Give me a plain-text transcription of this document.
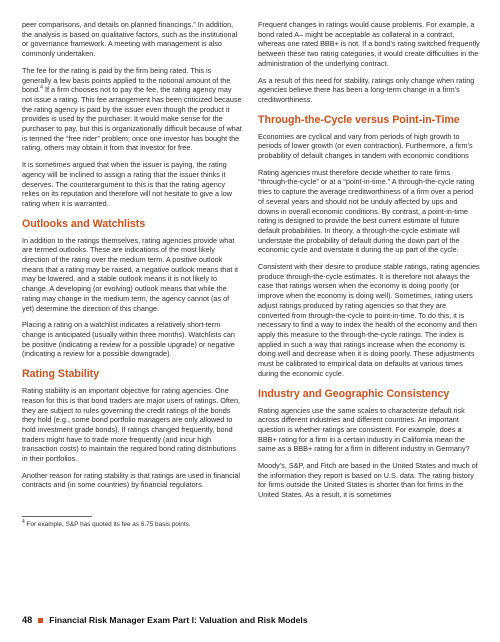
peer comparisons, and details on planned financings.” In addition, the analysis is based on qualitative factors, such as the institutional or governance framework. A meeting with management is also commonly undertaken.

The fee for the rating is paid by the firm being rated. This is generally a few basis points applied to the notional amount of the bond.$^4$ If a firm chooses not to pay the fee, the rating agency may not issue a rating. This fee arrangement has been criticized because the rating agency is paid by the issuer even though the product it provides is used by the purchaser. It would make sense for the purchaser to pay, but this is organizationally difficult because of what is termed the “free rider” problem; once one investor has bought the rating, others may obtain it from that investor for free.

It is sometimes argued that when the issuer is paying, the rating agency will be inclined to assign a rating that the issuer thinks it deserves. The counterargument to this is that the rating agency relies on its reputation and therefore will not hesitate to give a low rating when it is warranted.

Outlooks and Watchlists

In addition to the ratings themselves, rating agencies provide what are termed outlooks. These are indications of the most likely direction of the rating over the medium term. A positive outlook means that a rating may be raised, a negative outlook means that it may be lowered, and a stable outlook means it is not likely to change. A developing (or evolving) outlook means that while the rating may change in the medium term, the agency cannot (as of yet) determine the direction of this change.

Placing a rating on a watchlist indicates a relatively short-term change is anticipated (usually within three months). Watchlists can be positive (indicating a review for a possible upgrade) or negative (indicating a review for a possible downgrade).

Rating Stability

Rating stability is an important objective for rating agencies. One reason for this is that bond traders are major users of ratings. Often, they are subject to rules governing the credit ratings of the bonds they hold (e.g., some bond portfolio managers are only allowed to hold investment grade bonds). If ratings changed frequently, bond traders might have to trade more frequently (and incur high transaction costs) to maintain the required bond rating distributions in their portfolios.

Another reason for rating stability is that ratings are used in financial contracts and (in some countries) by financial regulators.

$^4$ For example, S&P has quoted its fee as 6.75 basis points.

Frequent changes in ratings would cause problems. For example, a bond rated A– might be acceptable as collateral in a contract, whereas one rated BBB+ is not. If a bond’s rating switched frequently between these two rating categories, it would create difficulties in the administration of the underlying contract.

As a result of this need for stability, ratings only change when rating agencies believe there has been a long-term change in a firm’s creditworthiness.

Through-the-Cycle versus Point-in-Time

Economies are cyclical and vary from periods of high growth to periods of lower growth (or even contraction). Furthermore, a firm’s probability of default changes in tandem with economic conditions

Rating agencies must therefore decide whether to rate firms “through-the-cycle” or at a “point-in-time.” A through-the-cycle rating tries to capture the average creditworthiness of a firm over a period of several years and should not be unduly affected by ups and downs in overall economic conditions. By contrast, a point-in-time rating is designed to provide the best current estimate of future default probabilities. In theory, a through-the-cycle estimate will understate the probability of default during the down part of the economic cycle and overstate it during the up part of the cycle.

Consistent with their desire to produce stable ratings, rating agencies produce through-the-cycle estimates. It is therefore not always the case that ratings worsen when the economy is doing poorly (or improve when the economy is doing well). Sometimes, rating users adjust ratings produced by rating agencies so that they are converted from through-the-cycle to point-in-time. To do this, it is necessary to find a way to index the health of the economy and then apply this measure to the through-the-cycle ratings. The index is applied in such a way that ratings increase when the economy is doing well and decrease when it is doing poorly. These adjustments must be calibrated to empirical data on defaults at various times during the economic cycle.

Industry and Geographic Consistency

Rating agencies use the same scales to characterize default risk across different industries and different countries. An important question is whether ratings are consistent. For example, does a BBB+ rating for a firm in a certain industry in California mean the same as a BBB+ rating for a firm in different industry in Germany?

Moody’s, S&P, and Fitch are based in the United States and much of the information they report is based on U.S. data. The rating history for firms outside the United States is shorter than for firms in the United States. As a result, it is sometimes

48 Financial Risk Manager Exam Part I: Valuation and Risk Models
